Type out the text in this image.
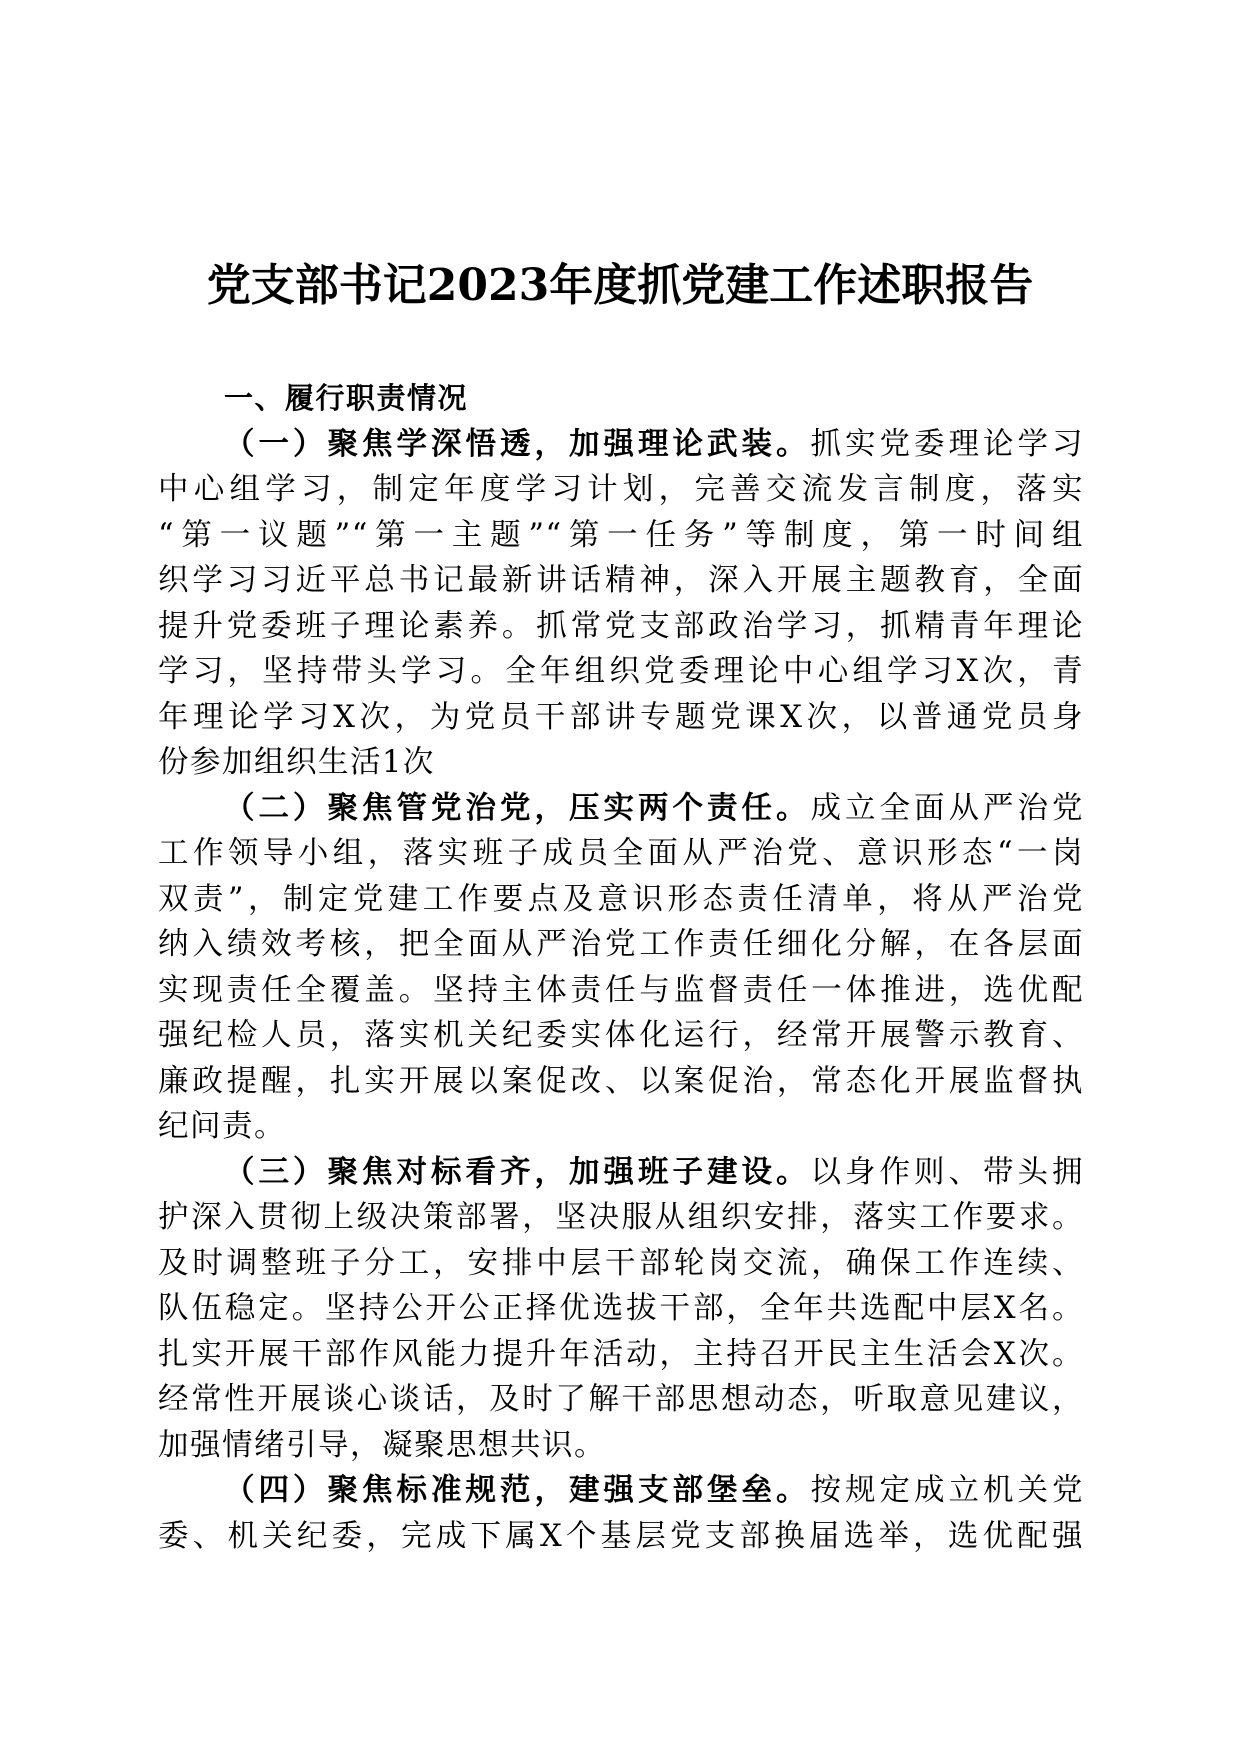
党支部书记2023年度抓党建工作述职报告
一、履行职责情况
（一）聚焦学深悟透，加强理论武装。抓实党委理论学习
中心组学习，制定年度学习计划，完善交流发言制度，落实
“第一议题”“第一主题”“第一任务”等制度，第一时间组
织学习习近平总书记最新讲话精神，深入开展主题教育，全面
提升党委班子理论素养。抓常党支部政治学习，抓精青年理论
学习，坚持带头学习。全年组织党委理论中心组学习X次，青
年理论学习X次，为党员干部讲专题党课X次，以普通党员身
份参加组织生活1次
（二）聚焦管党治党，压实两个责任。成立全面从严治党
工作领导小组，落实班子成员全面从严治党、意识形态“一岗
双责”，制定党建工作要点及意识形态责任清单，将从严治党
纳入绩效考核，把全面从严治党工作责任细化分解，在各层面
实现责任全覆盖。坚持主体责任与监督责任一体推进，选优配
强纪检人员，落实机关纪委实体化运行，经常开展警示教育、
廉政提醒，扎实开展以案促改、以案促治，常态化开展监督执
纪问责。
（三）聚焦对标看齐，加强班子建设。以身作则、带头拥
护深入贯彻上级决策部署，坚决服从组织安排，落实工作要求。
及时调整班子分工，安排中层干部轮岗交流，确保工作连续、
队伍稳定。坚持公开公正择优选拔干部，全年共选配中层X名。
扎实开展干部作风能力提升年活动，主持召开民主生活会X次。
经常性开展谈心谈话，及时了解干部思想动态，听取意见建议，
加强情绪引导，凝聚思想共识。
（四）聚焦标准规范，建强支部堡垒。按规定成立机关党
委、机关纪委，完成下属X个基层党支部换届选举，选优配强
